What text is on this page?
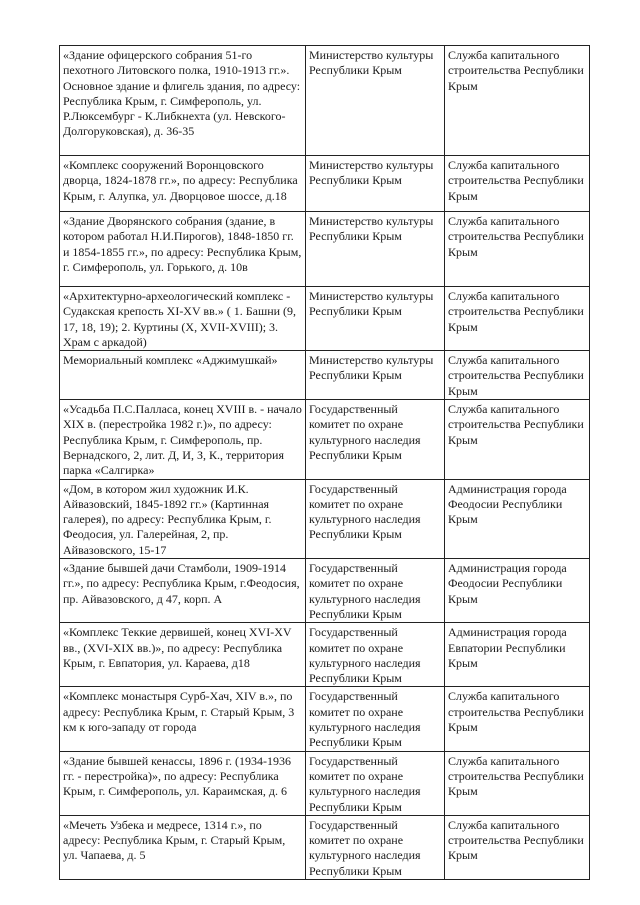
«Здание офицерского собрания 51-го пехотного Литовского полка, 1910-1913 гг.». Основное здание и флигель здания, по адресу: Республика Крым, г. Симферополь, ул. Р.Люксембург - К.Либкнехта (ул. Невского-Долгоруковская), д. 36-35	Министерство культуры Республики Крым	Служба капитального строительства Республики Крым

«Комплекс сооружений Воронцовского дворца, 1824-1878 гг.», по адресу: Республика Крым, г. Алупка, ул. Дворцовое шоссе, д.18	Министерство культуры Республики Крым	Служба капитального строительства Республики Крым

«Здание Дворянского собрания (здание, в котором работал Н.И.Пирогов), 1848-1850 гг. и 1854-1855 гг.», по адресу: Республика Крым, г. Симферополь, ул. Горького, д. 10в	Министерство культуры Республики Крым	Служба капитального строительства Республики Крым

«Архитектурно-археологический комплекс - Судакская крепость XI-XV вв.» ( 1. Башни (9, 17, 18, 19); 2. Куртины (X, XVII-XVIII); 3. Храм с аркадой)	Министерство культуры Республики Крым	Служба капитального строительства Республики Крым

Мемориальный комплекс «Аджимушкай»	Министерство культуры Республики Крым	Служба капитального строительства Республики Крым

«Усадьба П.С.Палласа, конец XVIII в. - начало XIX в. (перестройка 1982 г.)», по адресу: Республика Крым, г. Симферополь, пр. Вернадского, 2, лит. Д, И, З, К., территория парка «Салгирка»	Государственный комитет по охране культурного наследия Республики Крым	Служба капитального строительства Республики Крым

«Дом, в котором жил художник И.К. Айвазовский, 1845-1892 гг.» (Картинная галерея), по адресу: Республика Крым, г. Феодосия, ул. Галерейная, 2, пр. Айвазовского, 15-17	Государственный комитет по охране культурного наследия Республики Крым	Администрация города Феодосии Республики Крым

«Здание бывшей дачи Стамболи, 1909-1914 гг.», по адресу: Республика Крым, г.Феодосия, пр. Айвазовского, д 47, корп. А	Государственный комитет по охране культурного наследия Республики Крым	Администрация города Феодосии Республики Крым

«Комплекс Теккие дервишей, конец XVI-XV вв., (XVI-XIX вв.)», по адресу: Республика Крым, г. Евпатория, ул. Караева, д18	Государственный комитет по охране культурного наследия Республики Крым	Администрация города Евпатории Республики Крым

«Комплекс монастыря Сурб-Хач, XIV в.», по адресу: Республика Крым, г. Старый Крым, 3 км к юго-западу от города	Государственный комитет по охране культурного наследия Республики Крым	Служба капитального строительства Республики Крым

«Здание бывшей кенассы, 1896 г. (1934-1936 гг. - перестройка)», по адресу: Республика Крым, г. Симферополь, ул. Караимская, д. 6	Государственный комитет по охране культурного наследия Республики Крым	Служба капитального строительства Республики Крым

«Мечеть Узбека и медресе, 1314 г.», по адресу: Республика Крым, г. Старый Крым, ул. Чапаева, д. 5	Государственный комитет по охране культурного наследия Республики Крым	Служба капитального строительства Республики Крым
